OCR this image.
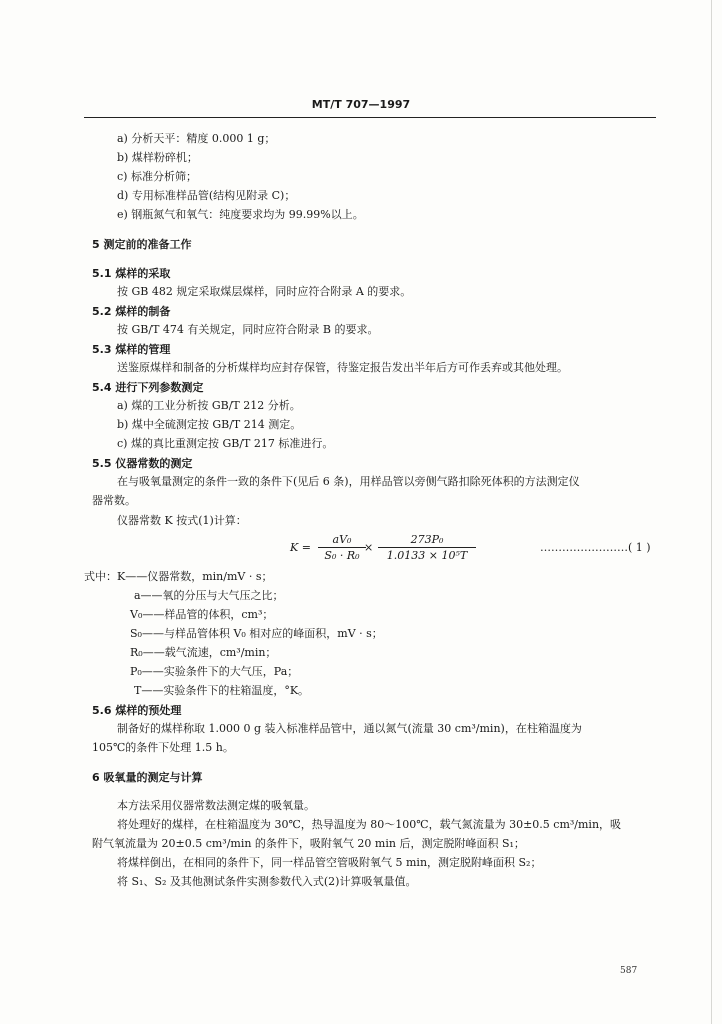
MT/T 707—1997
a) 分析天平：精度 0.000 1 g；
b) 煤样粉碎机；
c) 标准分析筛；
d) 专用标准样品管(结构见附录 C)；
e) 钢瓶氮气和氧气：纯度要求均为 99.99%以上。
5 测定前的准备工作
5.1 煤样的采取
按 GB 482 规定采取煤层煤样，同时应符合附录 A 的要求。
5.2 煤样的制备
按 GB/T 474 有关规定，同时应符合附录 B 的要求。
5.3 煤样的管理
送鉴原煤样和制备的分析煤样均应封存保管，待鉴定报告发出半年后方可作丢弃或其他处理。
5.4 进行下列参数测定
a) 煤的工业分析按 GB/T 212 分析。
b) 煤中全硫测定按 GB/T 214 测定。
c) 煤的真比重测定按 GB/T 217 标准进行。
5.5 仪器常数的测定
在与吸氧量测定的条件一致的条件下(见后 6 条)，用样品管以旁侧气路扣除死体积的方法测定仪
器常数。
仪器常数 K 按式(1)计算：
K =
aV₀
S₀ · R₀
×
273P₀
1.0133 × 10⁵T
……………………( 1 )
式中：K——仪器常数，min/mV · s；
a——氧的分压与大气压之比；
V₀——样品管的体积，cm³；
S₀——与样品管体积 V₀ 相对应的峰面积，mV · s；
R₀——载气流速，cm³/min；
P₀——实验条件下的大气压，Pa；
T——实验条件下的柱箱温度，°K。
5.6 煤样的预处理
制备好的煤样称取 1.000 0 g 装入标准样品管中，通以氮气(流量 30 cm³/min)，在柱箱温度为
105℃的条件下处理 1.5 h。
6 吸氧量的测定与计算
本方法采用仪器常数法测定煤的吸氧量。
将处理好的煤样，在柱箱温度为 30℃，热导温度为 80～100℃，载气氮流量为 30±0.5 cm³/min，吸
附气氧流量为 20±0.5 cm³/min 的条件下，吸附氧气 20 min 后，测定脱附峰面积 S₁；
将煤样倒出，在相同的条件下，同一样品管空管吸附氧气 5 min，测定脱附峰面积 S₂；
将 S₁、S₂ 及其他测试条件实测参数代入式(2)计算吸氧量值。
587
